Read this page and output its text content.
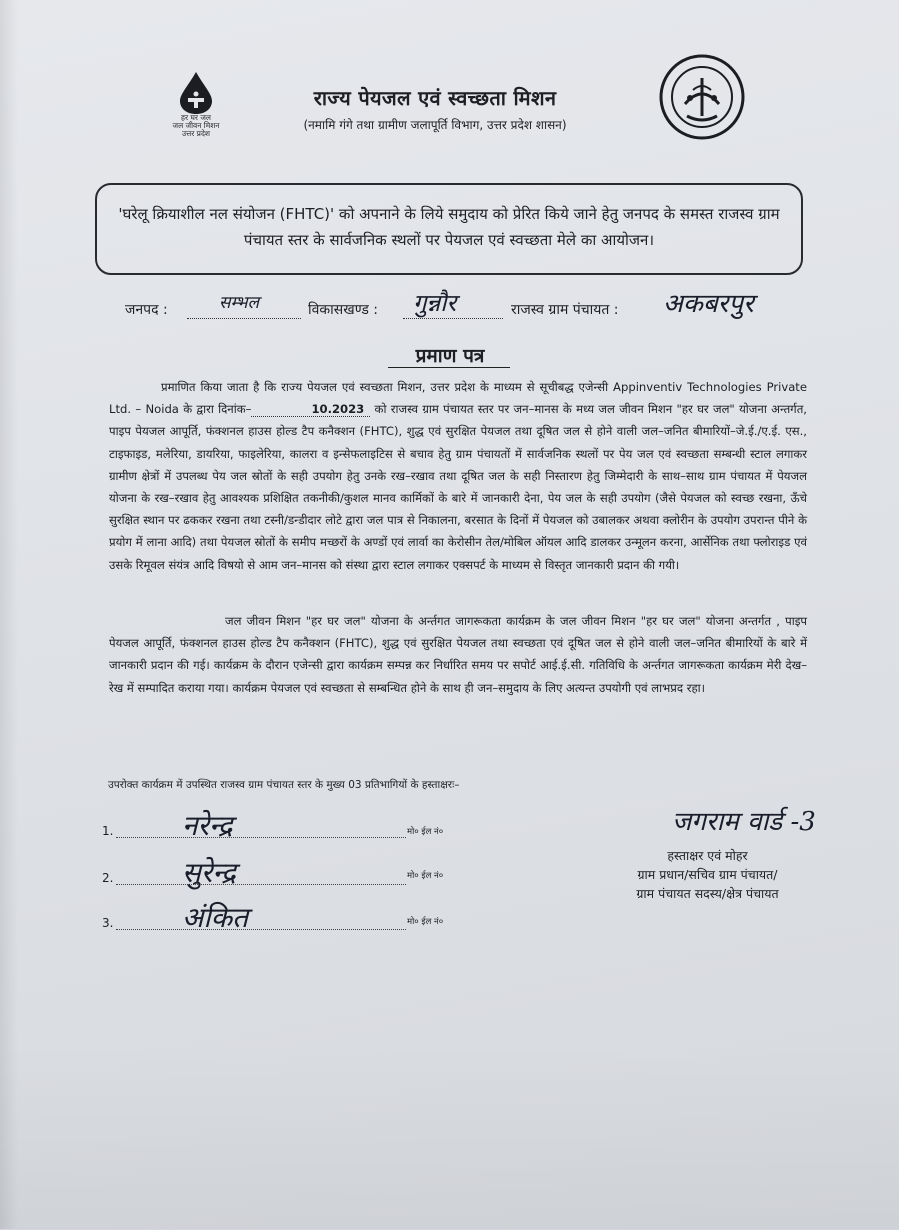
हर घर जल
जल जीवन मिशन
उत्तर प्रदेश
राज्य पेयजल एवं स्वच्छता मिशन
(नमामि गंगे तथा ग्रामीण जलापूर्ति विभाग, उत्तर प्रदेश शासन)
'घरेलू क्रियाशील नल संयोजन (FHTC)' को अपनाने के लिये समुदाय को प्रेरित किये जाने हेतु जनपद के समस्त राजस्व ग्राम पंचायत स्तर के सार्वजनिक स्थलों पर पेयजल एवं स्वच्छता मेले का आयोजन।
जनपद :	सम्भल	विकासखण्ड : गुन्नौर	राजस्व ग्राम पंचायत : अकबरपुर
प्रमाण पत्र
प्रमाणित किया जाता है कि राज्य पेयजल एवं स्वच्छता मिशन, उत्तर प्रदेश के माध्यम से सूचीबद्ध एजेन्सी Appinventiv Technologies Private Ltd. – Noida के द्वारा दिनांक–	10.2023 को राजस्व ग्राम पंचायत स्तर पर जन–मानस के मध्य जल जीवन मिशन "हर घर जल" योजना अन्तर्गत, पाइप पेयजल आपूर्ति, फंक्शनल हाउस होल्ड टैप कनैक्शन (FHTC), शुद्ध एवं सुरक्षित पेयजल तथा दूषित जल से होने वाली जल–जनित बीमारियों–जे.ई./ए.ई. एस., टाइफाइड, मलेरिया, डायरिया, फाइलेरिया, कालरा व इन्सेफलाइटिस से बचाव हेतु ग्राम पंचायतों में सार्वजनिक स्थलों पर पेय जल एवं स्वच्छता सम्बन्धी स्टाल लगाकर ग्रामीण क्षेत्रों में उपलब्ध पेय जल स्रोतों के सही उपयोग हेतु उनके रख–रखाव तथा दूषित जल के सही निस्तारण हेतु जिम्मेदारी के साथ–साथ ग्राम पंचायत में पेयजल योजना के रख–रखाव हेतु आवश्यक प्रशिक्षित तकनीकी/कुशल मानव कार्मिकों के बारे में जानकारी देना, पेय जल के सही उपयोग (जैसे पेयजल को स्वच्छ रखना, ऊँचे सुरक्षित स्थान पर ढककर रखना तथा टस्नी/डन्डीदार लोटे द्वारा जल पात्र से निकालना, बरसात के दिनों में पेयजल को उबालकर अथवा क्लोरीन के उपयोग उपरान्त पीने के प्रयोग में लाना आदि) तथा पेयजल स्रोतों के समीप मच्छरों के अण्डों एवं लार्वा का केरोसीन तेल/मोबिल ऑयल आदि डालकर उन्मूलन करना, आर्सेनिक तथा फ्लोराइड एवं उसके रिमूवल संयंत्र आदि विषयो से आम जन–मानस को संस्था द्वारा स्टाल लगाकर एक्सपर्ट के माध्यम से विस्तृत जानकारी प्रदान की गयी।
जल जीवन मिशन "हर घर जल" योजना के अर्न्तगत जागरूकता कार्यक्रम के जल जीवन मिशन "हर घर जल" योजना अन्तर्गत , पाइप पेयजल आपूर्ति, फंक्शनल हाउस होल्ड टैप कनैक्शन (FHTC), शुद्ध एवं सुरक्षित पेयजल तथा स्वच्छता एवं दूषित जल से होने वाली जल–जनित बीमारियों के बारे में जानकारी प्रदान की गई। कार्यक्रम के दौरान एजेन्सी द्वारा कार्यक्रम सम्पन्न कर निर्धारित समय पर सपोर्ट आई.ई.सी. गतिविधि के अर्न्तगत जागरूकता कार्यक्रम मेरी देख–रेख में सम्पादित कराया गया। कार्यक्रम पेयजल एवं स्वच्छता से सम्बन्धित होने के साथ ही जन–समुदाय के लिए अत्यन्त उपयोगी एवं लाभप्रद रहा।
उपरोक्त कार्यक्रम में उपस्थित राजस्व ग्राम पंचायत स्तर के मुख्य 03 प्रतिभागियों के हस्ताक्षरः–
1. नरेन्द्र	मो० ईल नं०
2. सुरेन्द्र	मो० ईल नं०
3. अंकित	मो० ईल नं०
जगराम वार्ड -3
हस्ताक्षर एवं मोहर
ग्राम प्रधान/सचिव ग्राम पंचायत/
ग्राम पंचायत सदस्य/क्षेत्र पंचायत
